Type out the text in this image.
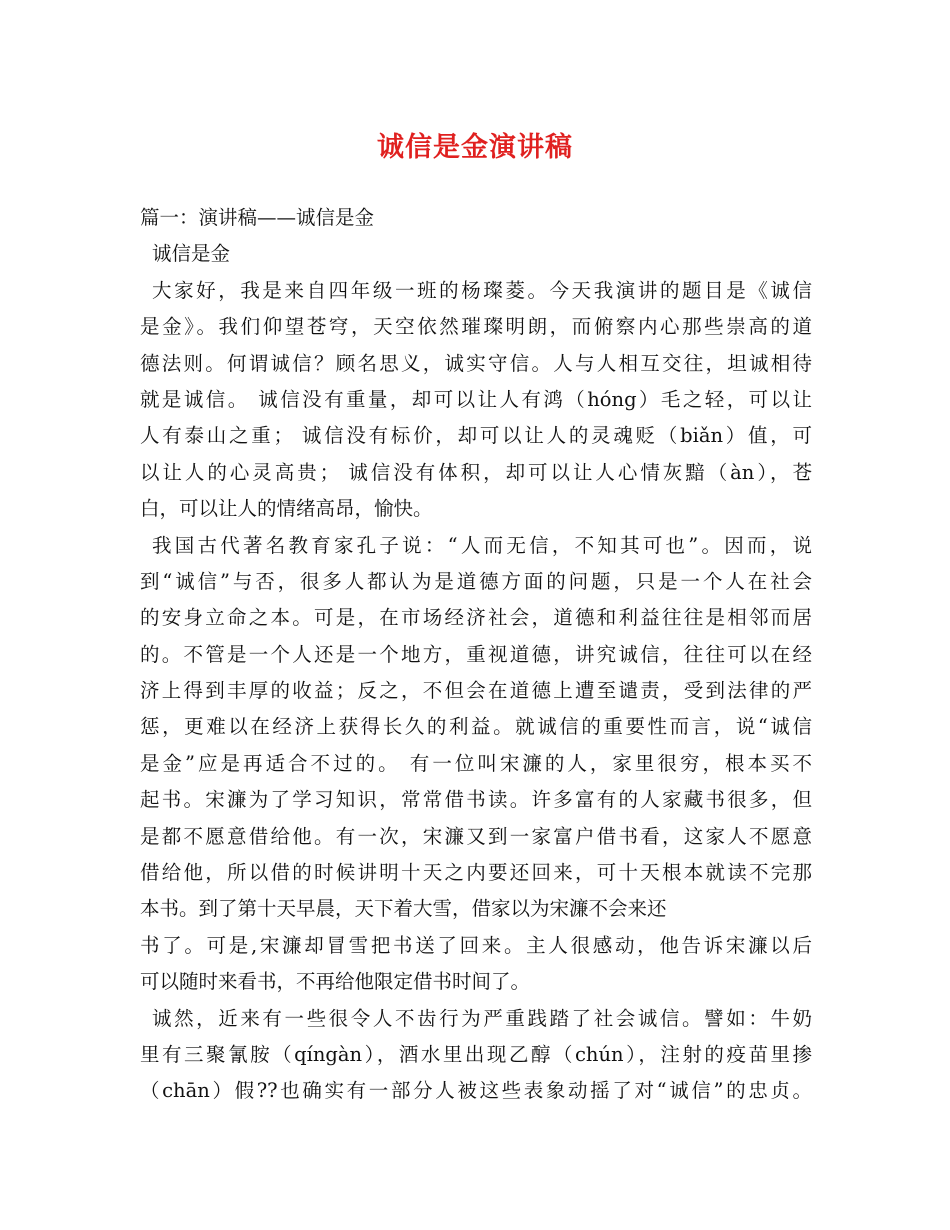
诚信是金演讲稿
篇一：演讲稿——诚信是金
诚信是金
大家好，我是来自四年级一班的杨璨菱。今天我演讲的题目是《诚信
是金》。我们仰望苍穹，天空依然璀璨明朗，而俯察内心那些崇高的道
德法则。何谓诚信？顾名思义，诚实守信。人与人相互交往，坦诚相待
就是诚信。 诚信没有重量，却可以让人有鸿（hóng）毛之轻，可以让
人有泰山之重； 诚信没有标价，却可以让人的灵魂贬（biǎn）值，可
以让人的心灵高贵； 诚信没有体积，却可以让人心情灰黯（àn），苍
白，可以让人的情绪高昂，愉快。
我国古代著名教育家孔子说：“人而无信，不知其可也”。因而，说
到“诚信”与否，很多人都认为是道德方面的问题，只是一个人在社会
的安身立命之本。可是，在市场经济社会，道德和利益往往是相邻而居
的。不管是一个人还是一个地方，重视道德，讲究诚信，往往可以在经
济上得到丰厚的收益；反之，不但会在道德上遭至谴责，受到法律的严
惩，更难以在经济上获得长久的利益。就诚信的重要性而言，说“诚信
是金”应是再适合不过的。 有一位叫宋濂的人，家里很穷，根本买不
起书。宋濂为了学习知识，常常借书读。许多富有的人家藏书很多，但
是都不愿意借给他。有一次，宋濂又到一家富户借书看，这家人不愿意
借给他，所以借的时候讲明十天之内要还回来，可十天根本就读不完那
本书。到了第十天早晨，天下着大雪，借家以为宋濂不会来还
书了。可是,宋濂却冒雪把书送了回来。主人很感动，他告诉宋濂以后
可以随时来看书，不再给他限定借书时间了。
诚然，近来有一些很令人不齿行为严重践踏了社会诚信。譬如：牛奶
里有三聚氰胺（qíngàn），酒水里出现乙醇（chún），注射的疫苗里掺
（chān）假??也确实有一部分人被这些表象动摇了对“诚信”的忠贞。
